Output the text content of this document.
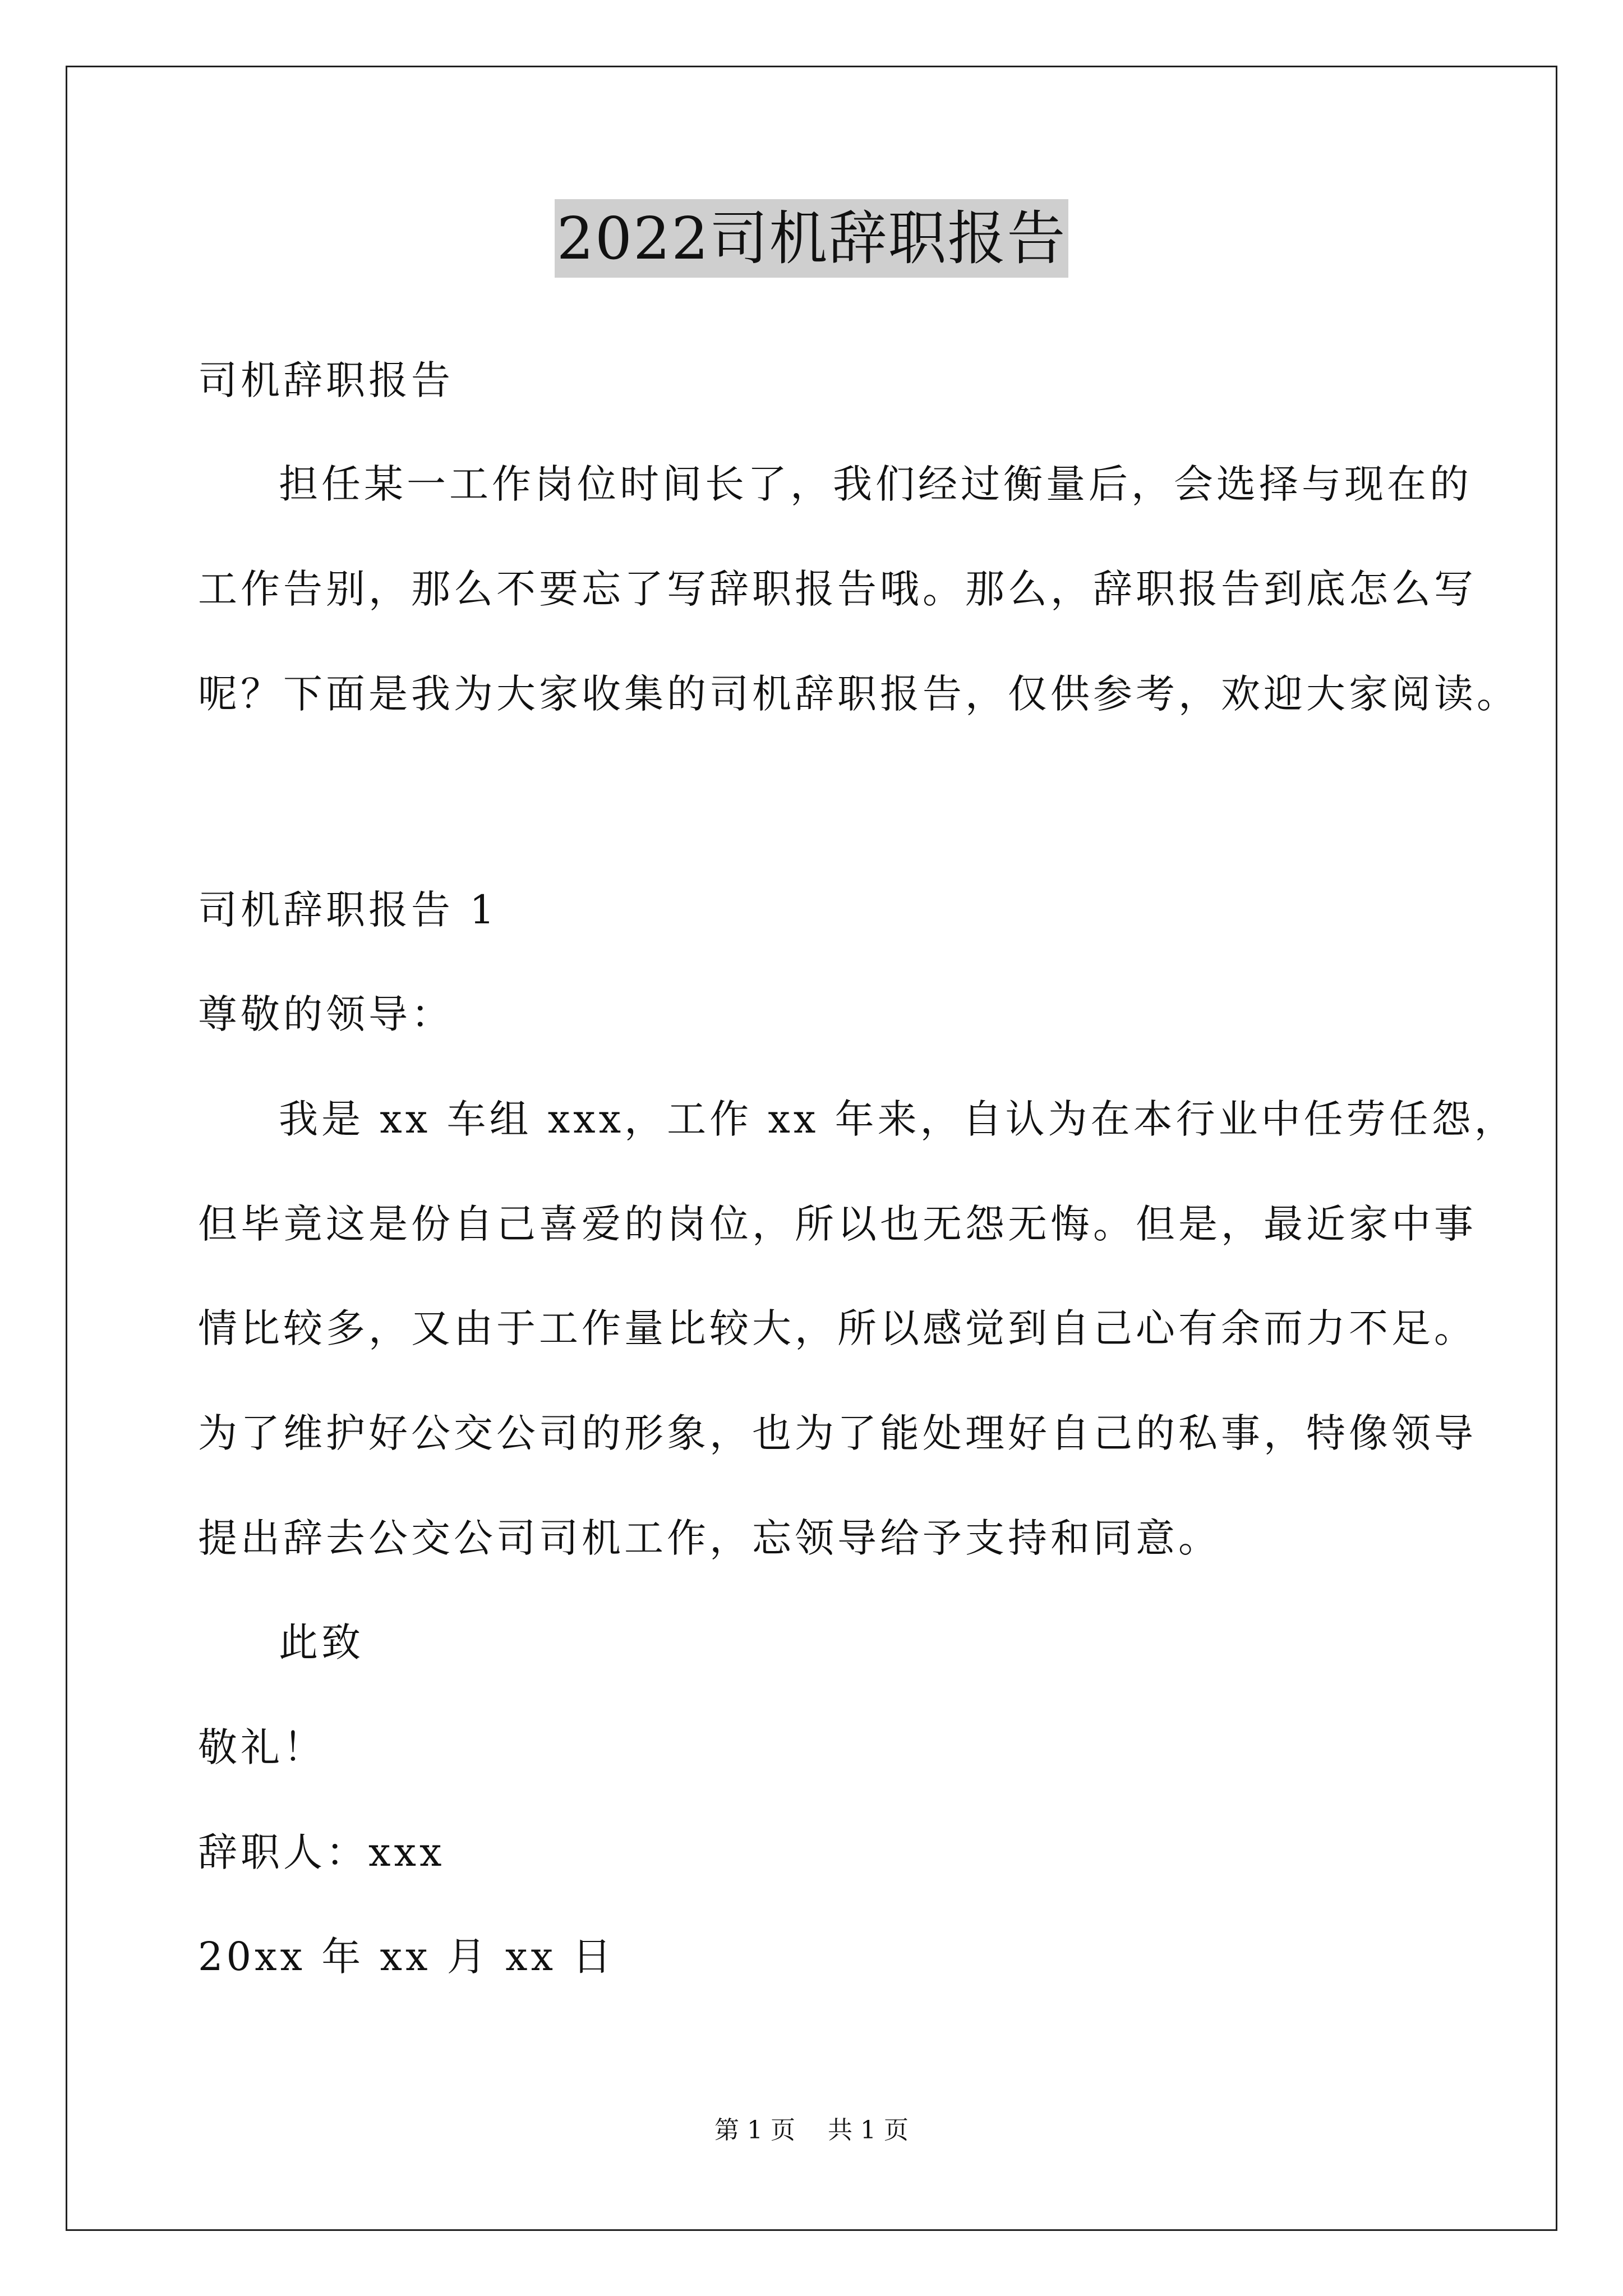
2022司机辞职报告
司机辞职报告
担任某一工作岗位时间长了，我们经过衡量后，会选择与现在的
工作告别，那么不要忘了写辞职报告哦。那么，辞职报告到底怎么写
呢？下面是我为大家收集的司机辞职报告，仅供参考，欢迎大家阅读。
司机辞职报告 1
尊敬的领导：
我是 xx 车组 xxx，工作 xx 年来，自认为在本行业中任劳任怨，
但毕竟这是份自己喜爱的岗位，所以也无怨无悔。但是，最近家中事
情比较多，又由于工作量比较大，所以感觉到自己心有余而力不足。
为了维护好公交公司的形象，也为了能处理好自己的私事，特像领导
提出辞去公交公司司机工作，忘领导给予支持和同意。
此致
敬礼！
辞职人：xxx
20xx 年 xx 月 xx 日
第 1 页 共 1 页
